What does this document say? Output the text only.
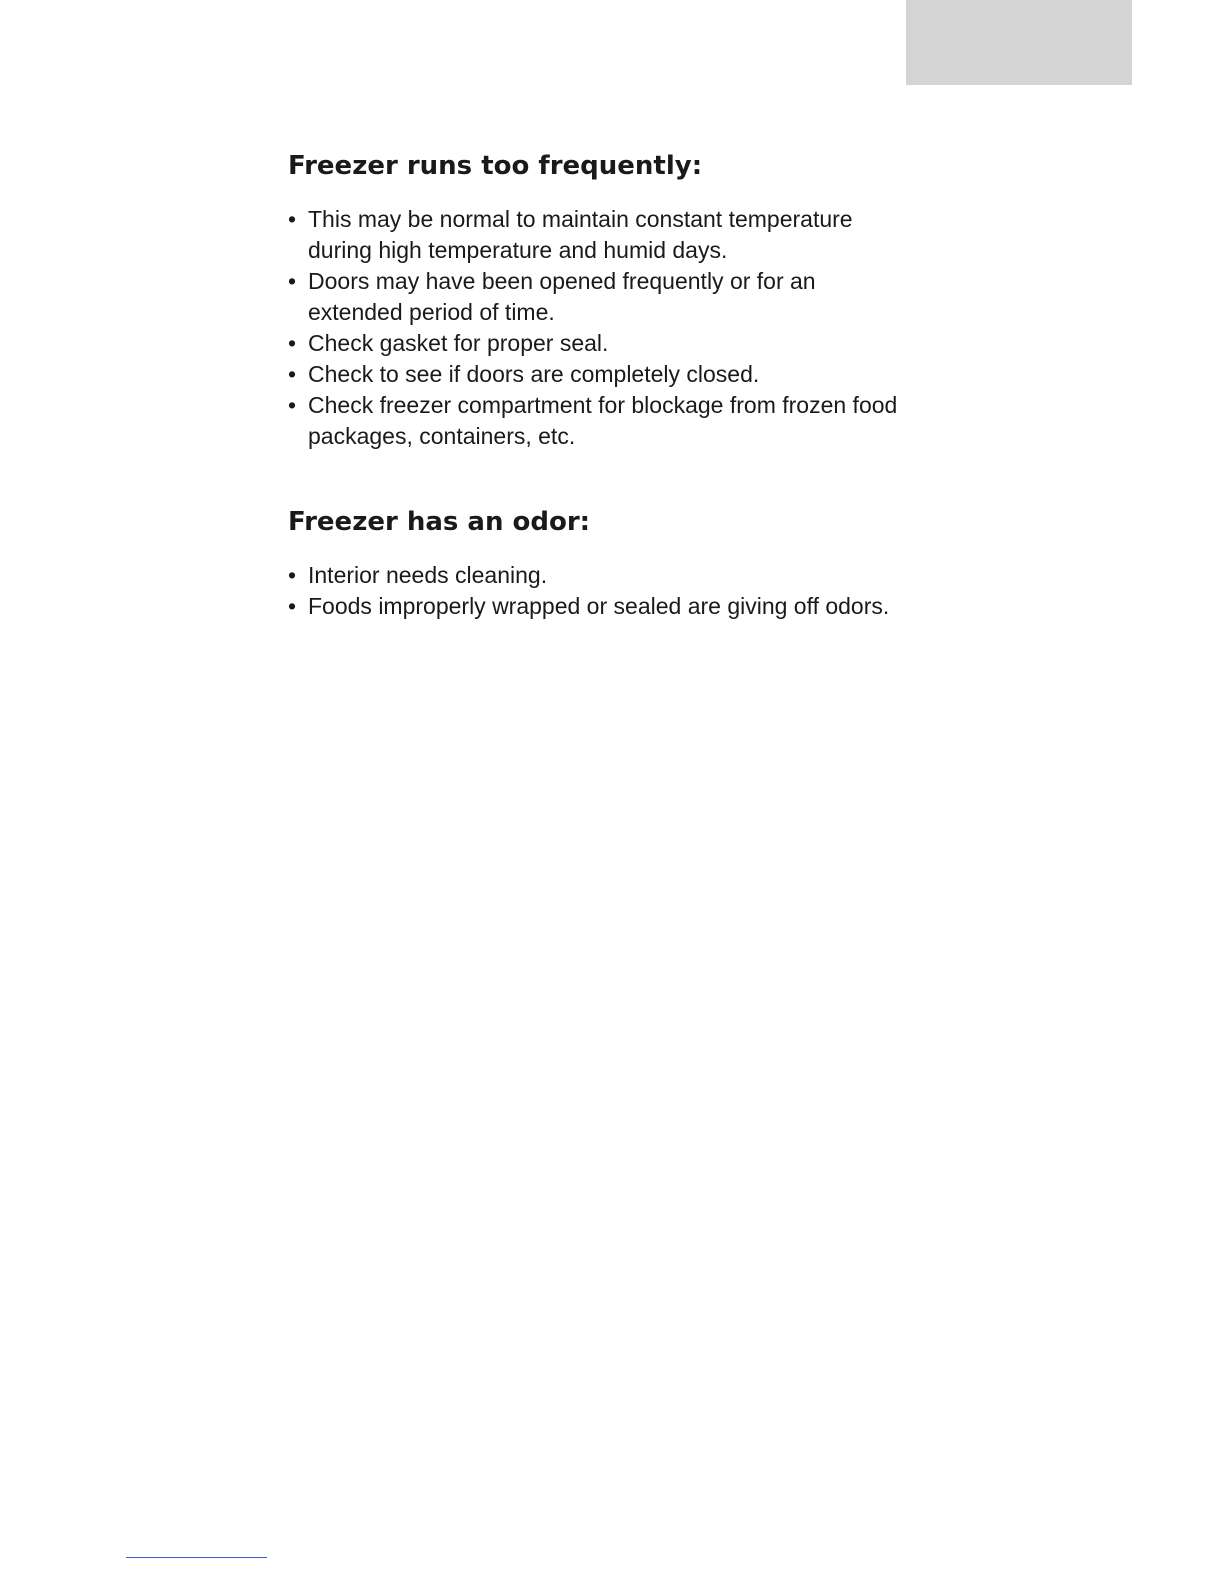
Freezer runs too frequently:
• This may be normal to maintain constant temperature during high temperature and humid days.
• Doors may have been opened frequently or for an extended period of time.
• Check gasket for proper seal.
• Check to see if doors are completely closed.
• Check freezer compartment for blockage from frozen food packages, containers, etc.
Freezer has an odor:
• Interior needs cleaning.
• Foods improperly wrapped or sealed are giving off odors.
